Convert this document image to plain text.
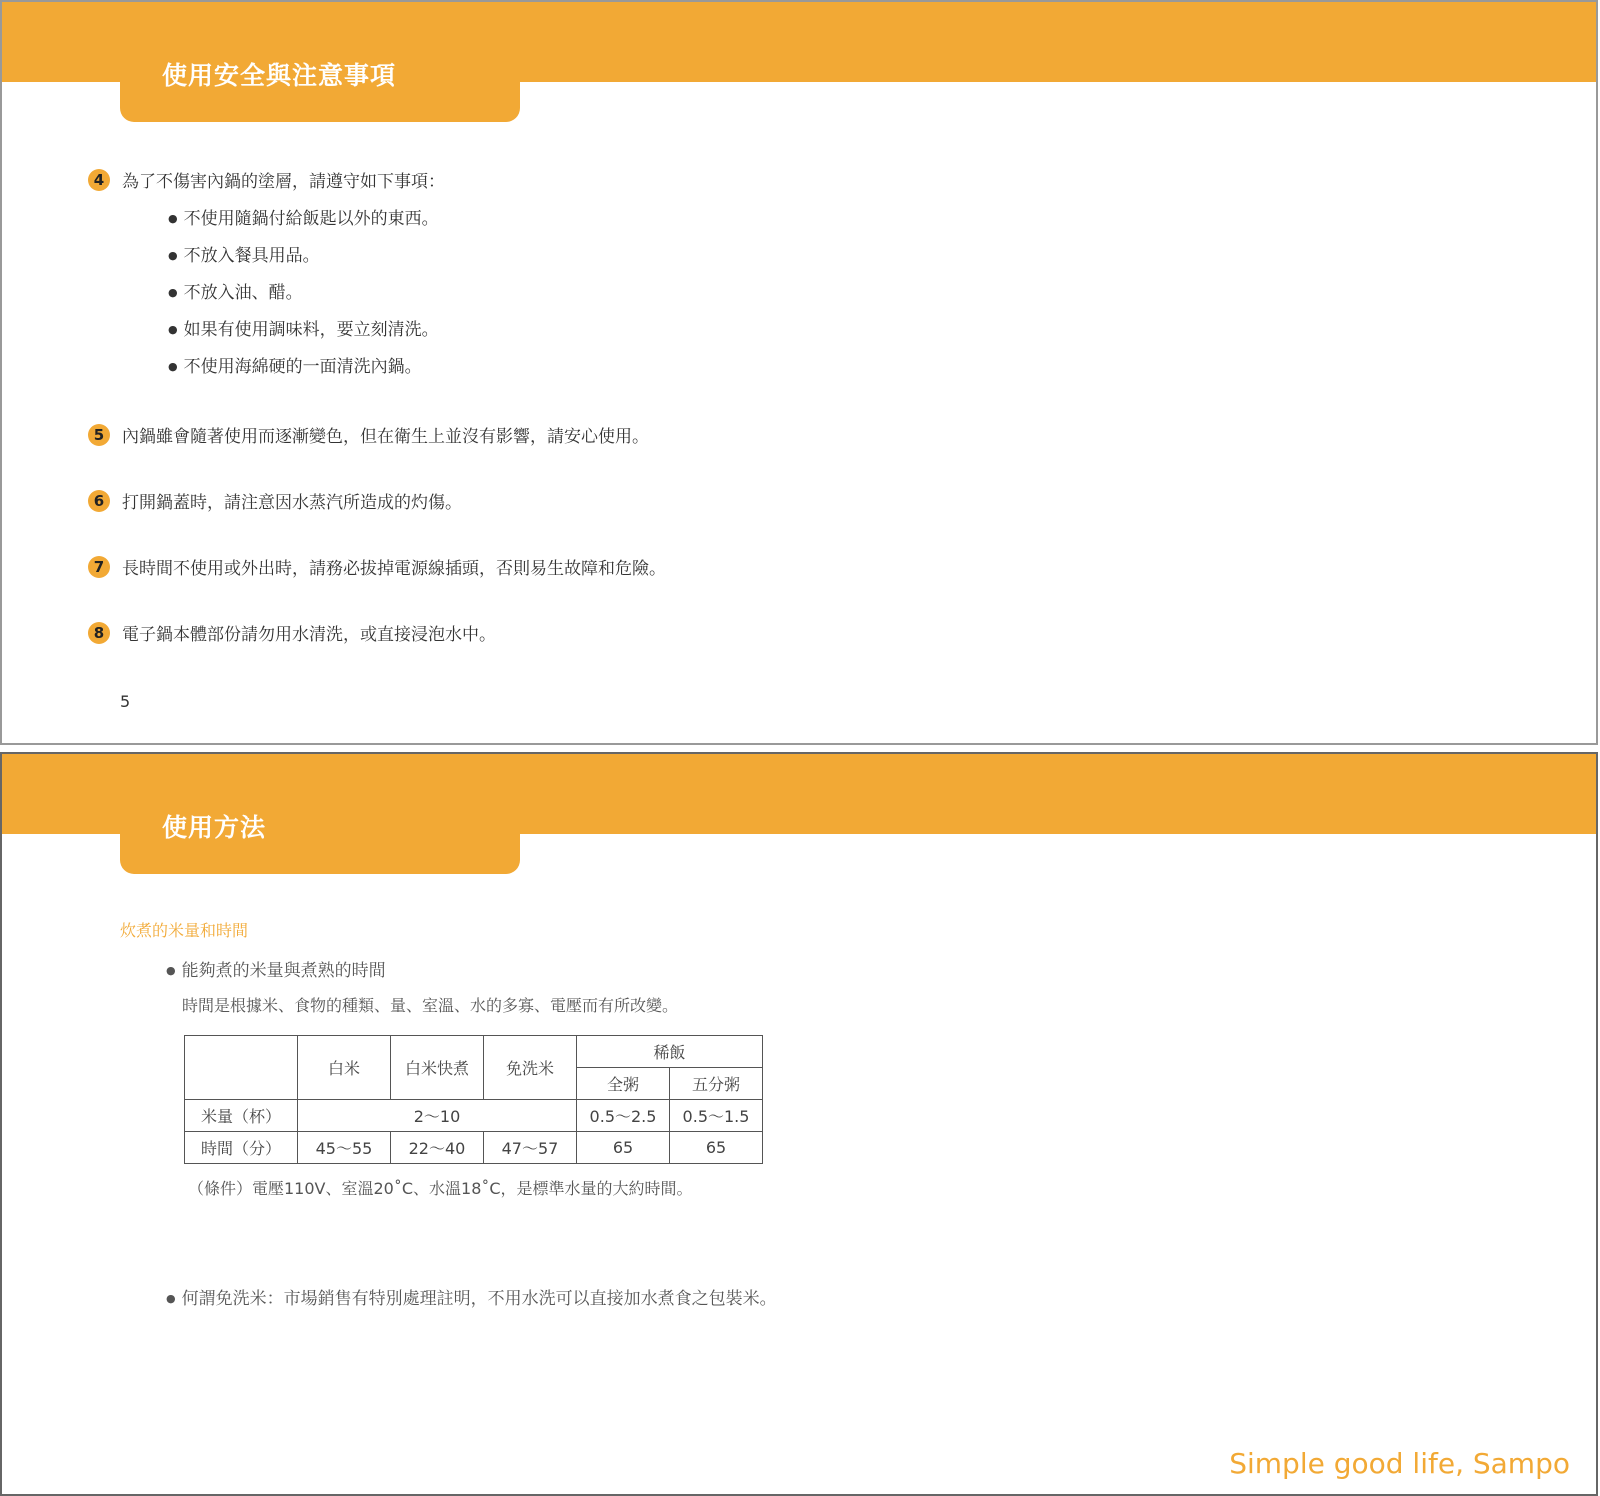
使用安全與注意事項
4	為了不傷害內鍋的塗層，請遵守如下事項：
● 不使用隨鍋付給飯匙以外的東西。
● 不放入餐具用品。
● 不放入油、醋。
● 如果有使用調味料，要立刻清洗。
● 不使用海綿硬的一面清洗內鍋。
5	內鍋雖會隨著使用而逐漸變色，但在衛生上並沒有影響，請安心使用。
6	打開鍋蓋時，請注意因水蒸汽所造成的灼傷。
7	長時間不使用或外出時，請務必拔掉電源線插頭，否則易生故障和危險。
8	電子鍋本體部份請勿用水清洗，或直接浸泡水中。
5
使用方法
炊煮的米量和時間
● 能夠煮的米量與煮熟的時間
時間是根據米、食物的種類、量、室溫、水的多寡、電壓而有所改變。
	白米	白米快煮	免洗米	稀飯	
				全粥	五分粥
米量（杯）	2～10			0.5～2.5	0.5～1.5
時間（分）	45～55	22～40	47～57	65	65
（條件）電壓110V、室溫20˚C、水溫18˚C，是標準水量的大約時間。
● 何謂免洗米：市場銷售有特別處理註明，不用水洗可以直接加水煮食之包裝米。
Simple good life, Sampo
